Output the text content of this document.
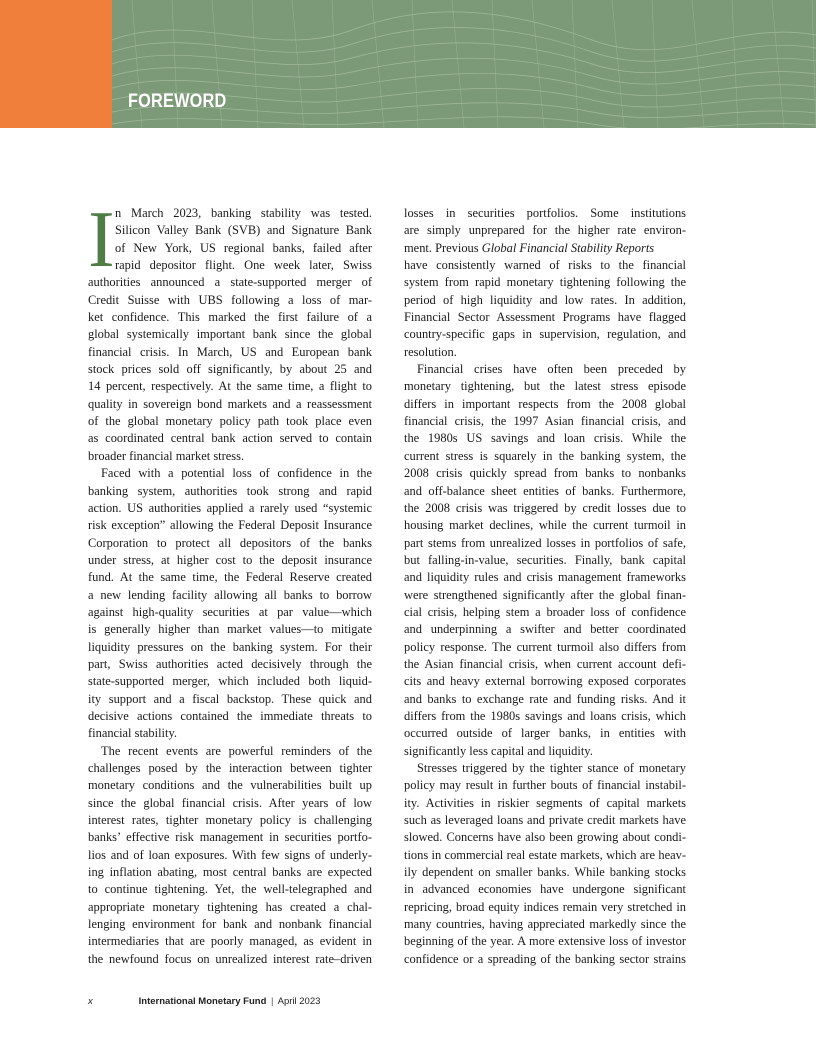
FOREWORD
I n March 2023, banking stability was tested.
Silicon Valley Bank (SVB) and Signature Bank
of New York, US regional banks, failed after
rapid depositor flight. One week later, Swiss
authorities announced a state-supported merger of
Credit Suisse with UBS following a loss of mar-
ket confidence. This marked the first failure of a
global systemically important bank since the global
financial crisis. In March, US and European bank
stock prices sold off significantly, by about 25 and
14 percent, respectively. At the same time, a flight to
quality in sovereign bond markets and a reassessment
of the global monetary policy path took place even
as coordinated central bank action served to contain
broader financial market stress.
Faced with a potential loss of confidence in the
banking system, authorities took strong and rapid
action. US authorities applied a rarely used “systemic
risk exception” allowing the Federal Deposit Insurance
Corporation to protect all depositors of the banks
under stress, at higher cost to the deposit insurance
fund. At the same time, the Federal Reserve created
a new lending facility allowing all banks to borrow
against high-quality securities at par value—which
is generally higher than market values—to mitigate
liquidity pressures on the banking system. For their
part, Swiss authorities acted decisively through the
state-supported merger, which included both liquid-
ity support and a fiscal backstop. These quick and
decisive actions contained the immediate threats to
financial stability.
The recent events are powerful reminders of the
challenges posed by the interaction between tighter
monetary conditions and the vulnerabilities built up
since the global financial crisis. After years of low
interest rates, tighter monetary policy is challenging
banks’ effective risk management in securities portfo-
lios and of loan exposures. With few signs of underly-
ing inflation abating, most central banks are expected
to continue tightening. Yet, the well-telegraphed and
appropriate monetary tightening has created a chal-
lenging environment for bank and nonbank financial
intermediaries that are poorly managed, as evident in
the newfound focus on unrealized interest rate–driven
losses in securities portfolios. Some institutions
are simply unprepared for the higher rate environ-
ment. Previous Global Financial Stability Reports
have consistently warned of risks to the financial
system from rapid monetary tightening following the
period of high liquidity and low rates. In addition,
Financial Sector Assessment Programs have flagged
country-specific gaps in supervision, regulation, and
resolution.
Financial crises have often been preceded by
monetary tightening, but the latest stress episode
differs in important respects from the 2008 global
financial crisis, the 1997 Asian financial crisis, and
the 1980s US savings and loan crisis. While the
current stress is squarely in the banking system, the
2008 crisis quickly spread from banks to nonbanks
and off-balance sheet entities of banks. Furthermore,
the 2008 crisis was triggered by credit losses due to
housing market declines, while the current turmoil in
part stems from unrealized losses in portfolios of safe,
but falling-in-value, securities. Finally, bank capital
and liquidity rules and crisis management frameworks
were strengthened significantly after the global finan-
cial crisis, helping stem a broader loss of confidence
and underpinning a swifter and better coordinated
policy response. The current turmoil also differs from
the Asian financial crisis, when current account defi-
cits and heavy external borrowing exposed corporates
and banks to exchange rate and funding risks. And it
differs from the 1980s savings and loans crisis, which
occurred outside of larger banks, in entities with
significantly less capital and liquidity.
Stresses triggered by the tighter stance of monetary
policy may result in further bouts of financial instabil-
ity. Activities in riskier segments of capital markets
such as leveraged loans and private credit markets have
slowed. Concerns have also been growing about condi-
tions in commercial real estate markets, which are heav-
ily dependent on smaller banks. While banking stocks
in advanced economies have undergone significant
repricing, broad equity indices remain very stretched in
many countries, having appreciated markedly since the
beginning of the year. A more extensive loss of investor
confidence or a spreading of the banking sector strains
x	International Monetary Fund | April 2023
